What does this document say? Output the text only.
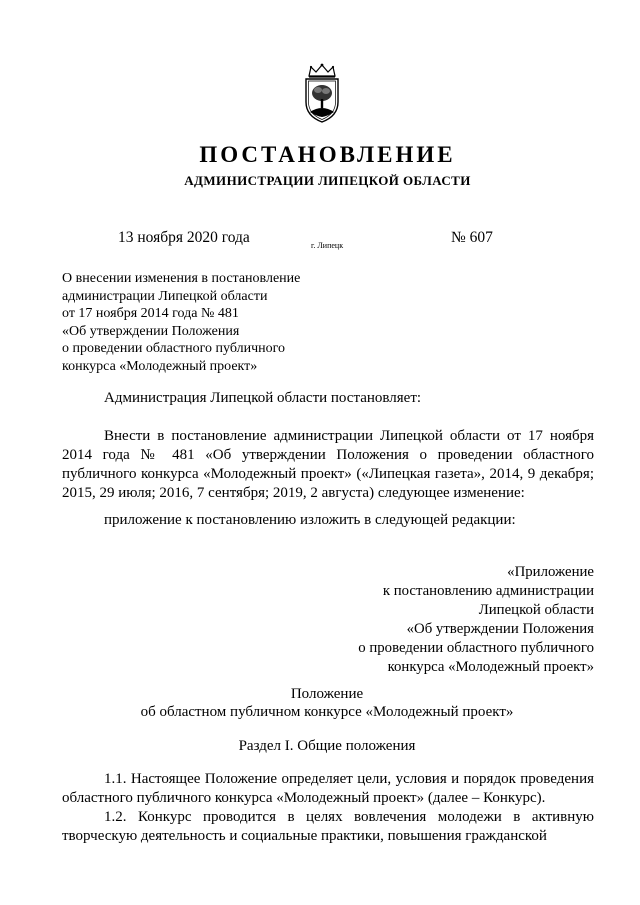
ПОСТАНОВЛЕНИЕ
АДМИНИСТРАЦИИ ЛИПЕЦКОЙ ОБЛАСТИ
13 ноября 2020 года	г. Липецк	№ 607
О внесении изменения в постановление
администрации Липецкой области
от 17 ноября 2014 года № 481
«Об утверждении Положения
о проведении областного публичного
конкурса «Молодежный проект»
Администрация Липецкой области постановляет:

Внести в постановление администрации Липецкой области от 17 ноября 2014 года № 481 «Об утверждении Положения о проведении областного публичного конкурса «Молодежный проект» («Липецкая газета», 2014, 9 декабря; 2015, 29 июля; 2016, 7 сентября; 2019, 2 августа) следующее изменение:

приложение к постановлению изложить в следующей редакции:
«Приложение
к постановлению администрации
Липецкой области
«Об утверждении Положения
о проведении областного публичного
конкурса «Молодежный проект»
Положение
об областном публичном конкурсе «Молодежный проект»
Раздел I. Общие положения

1.1. Настоящее Положение определяет цели, условия и порядок проведения областного публичного конкурса «Молодежный проект» (далее – Конкурс).

1.2. Конкурс проводится в целях вовлечения молодежи в активную творческую деятельность и социальные практики, повышения гражданской
